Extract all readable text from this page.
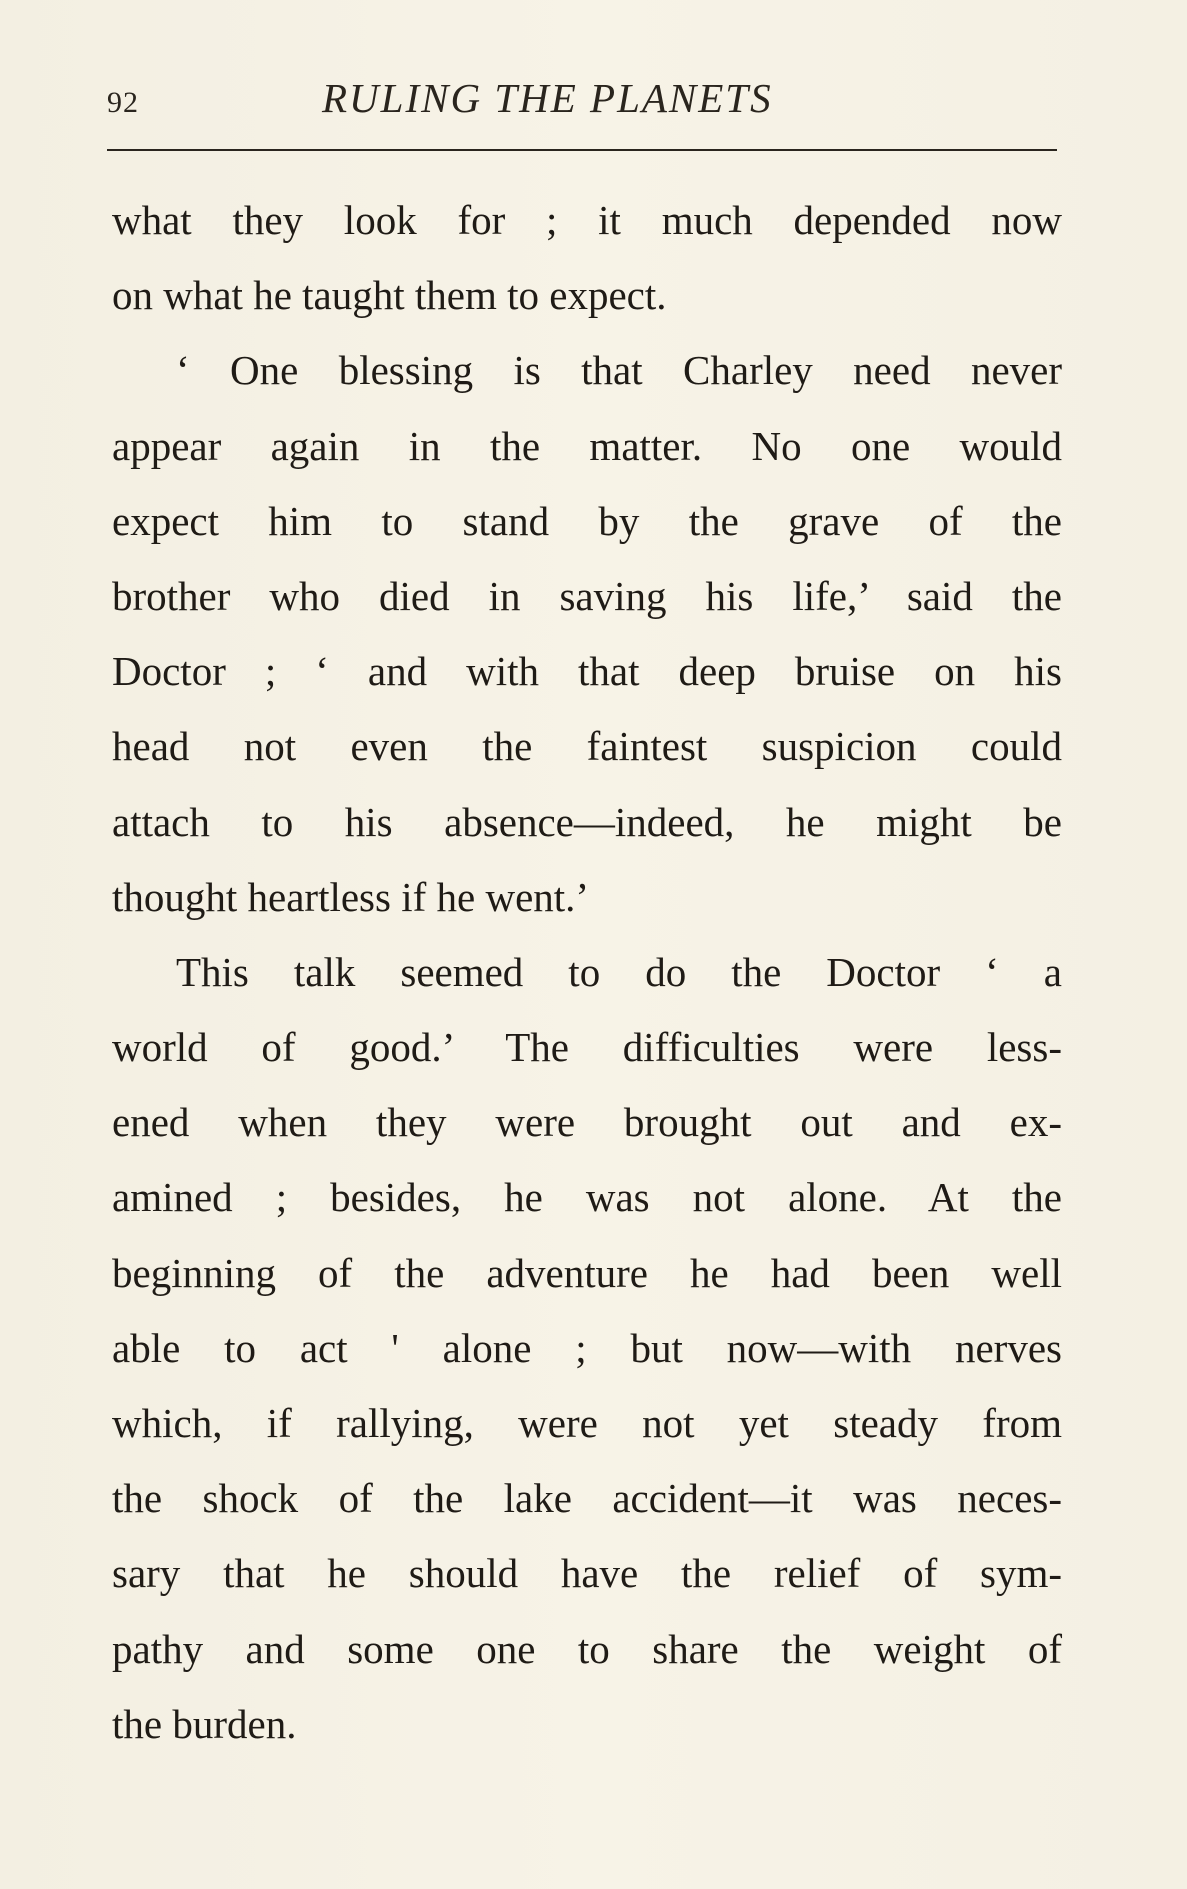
92	RULING THE PLANETS
what they look for ; it much depended now
on what he taught them to expect.
‘ One blessing is that Charley need never
appear again in the matter. No one would
expect him to stand by the grave of the
brother who died in saving his life,’ said the
Doctor ; ‘ and with that deep bruise on his
head not even the faintest suspicion could
attach to his absence—indeed, he might be
thought heartless if he went.’
This talk seemed to do the Doctor ‘ a
world of good.’ The difficulties were less-
ened when they were brought out and ex-
amined ; besides, he was not alone. At the
beginning of the adventure he had been well
able to act ' alone ; but now—with nerves
which, if rallying, were not yet steady from
the shock of the lake accident—it was neces-
sary that he should have the relief of sym-
pathy and some one to share the weight of
the burden.
